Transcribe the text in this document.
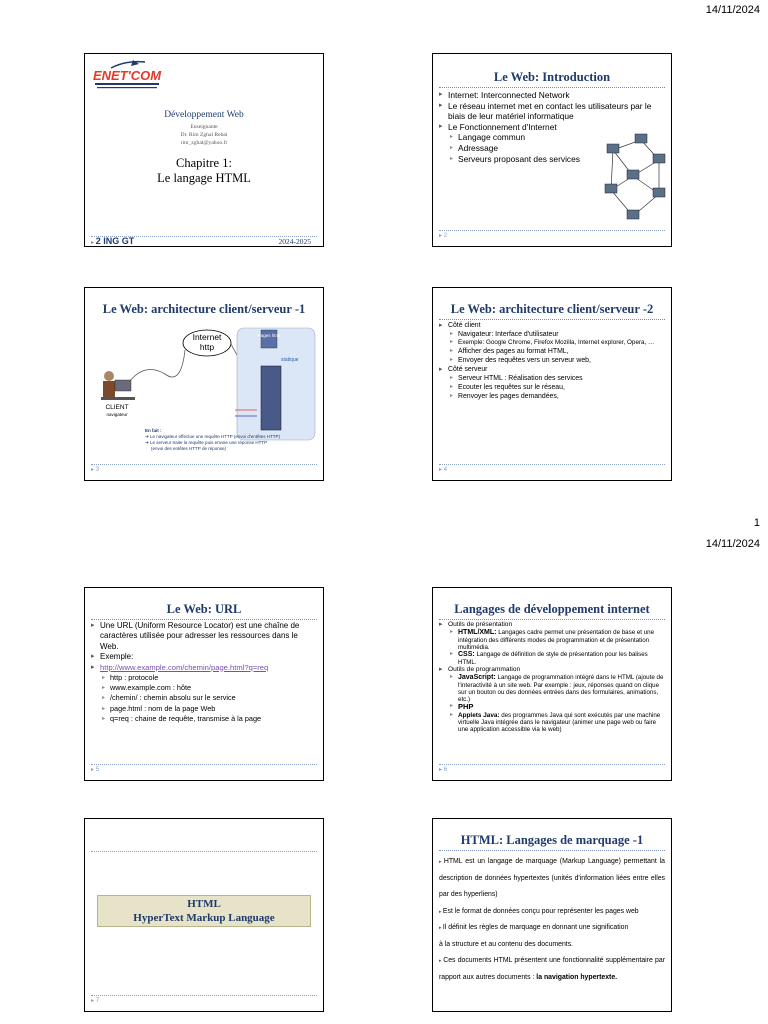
14/11/2024
1
14/11/2024
ENET'COM
Développement Web
Enseignante
Dr. Rim Zghal Rebai
rim_zghal@yahoo.fr
Chapitre 1:
Le langage HTML
▸ 2 ING GT	2024-2025
Le Web: Introduction
▸ Internet: Interconnected Network
▸ Le réseau internet met en contact les utilisateurs par le biais de leur matériel informatique
▸ Le Fonctionnement d'Internet
▸ Langage commun
▸ Adressage
▸ Serveurs proposant des services
▸ 2
Le Web: architecture client/serveur -1
Internet
http
Pages html
statique
CLIENT
navigateur
En fait :
➔ Le navigateur effectue une requête HTTP (envoi d'entêtes HTTP)
➔ Le serveur traite la requête puis envoie une réponse HTTP
(envoi des entêtes HTTP de réponse)
▸ 3
Le Web: architecture client/serveur -2
▸ Côté client
▸ Navigateur: Interface d'utilisateur
▸ Exemple: Google Chrome, Firefox Mozilla, Internet explorer, Opera, …
▸ Afficher des pages au format HTML,
▸ Envoyer des requêtes vers un serveur web,
▸ Côté serveur
▸ Serveur HTML : Réalisation des services
▸ Ecouter les requêtes sur le réseau,
▸ Renvoyer les pages demandées,
▸ 4
Le Web: URL
▸ Une URL (Uniform Resource Locator) est une chaîne de caractères utilisée pour adresser les ressources dans le Web.
▸ Exemple:
▸ http://www.example.com/chemin/page.html?q=req
▸ http : protocole
▸ www.example.com : hôte
▸ /chemin/ : chemin absolu sur le service
▸ page.html : nom de la page Web
▸ q=req : chaine de requête, transmise à la page
▸ 5
Langages de développement internet
▸ Outils de présentation
▸ HTML/XML: Langages cadre permet une présentation de base et une intégration des différents modes de programmation et de présentation multimédia.
▸ CSS: Langage de définition de style de présentation pour les balises HTML.
▸ Outils de programmation
▸ JavaScript: Langage de programmation intégré dans le HTML (ajoute de l'interactivité à un site web. Par exemple : jeux, réponses quand on clique sur un bouton ou des données entrées dans des formulaires, animations, etc.)
▸ PHP
▸ Applets Java: des programmes Java qui sont exécutés par une machine virtuelle Java intégrée dans le navigateur (animer une page web ou faire une application accessible via le web)
▸ 6
HTML
HyperText Markup Language
▸ 7
HTML: Langages de marquage -1
▸ HTML est un langage de marquage (Markup Language) permettant la description de données hypertextes (unités d'information liées entre elles par des hyperliens)
▸ Est le format de données conçu pour représenter les pages web
▸ Il définit les règles de marquage en donnant une signification
à la structure et au contenu des documents.
▸ Ces documents HTML présentent une fonctionnalité supplémentaire par rapport aux autres documents : la navigation hypertexte.
